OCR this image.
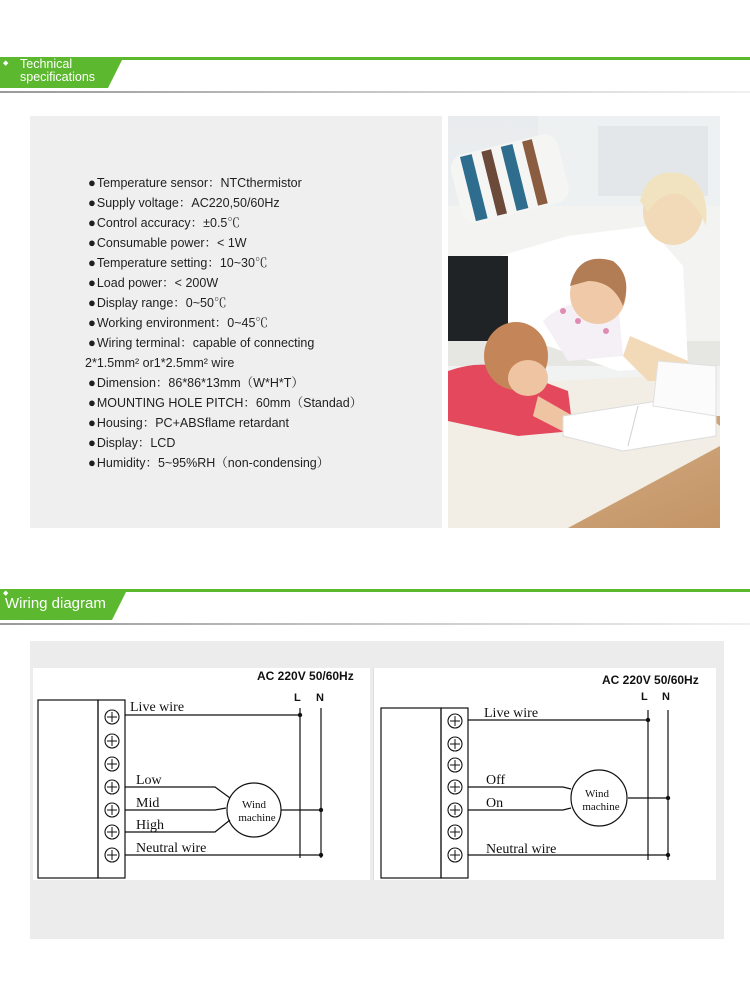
◆ Technical
specifications
●Temperature sensor：NTCthermistor
●Supply voltage：AC220,50/60Hz
●Control accuracy：±0.5℃
●Consumable power：< 1W
●Temperature setting：10~30℃
●Load power：< 200W
●Display range：0~50℃
●Working environment：0~45℃
●Wiring terminal：capable of connecting
2*1.5mm² or1*2.5mm² wire
●Dimension：86*86*13mm（W*H*T）
●MOUNTING HOLE PITCH：60mm（Standad）
●Housing：PC+ABSflame retardant
●Display：LCD
●Humidity：5~95%RH（non-condensing）
◆
Wiring diagram
AC 220V 50/60Hz
L N
Live wire
Low
Mid
High
Neutral wire
Wind
machine
AC 220V 50/60Hz
L N
Live wire
Off
On
Neutral wire
Wind
machine
